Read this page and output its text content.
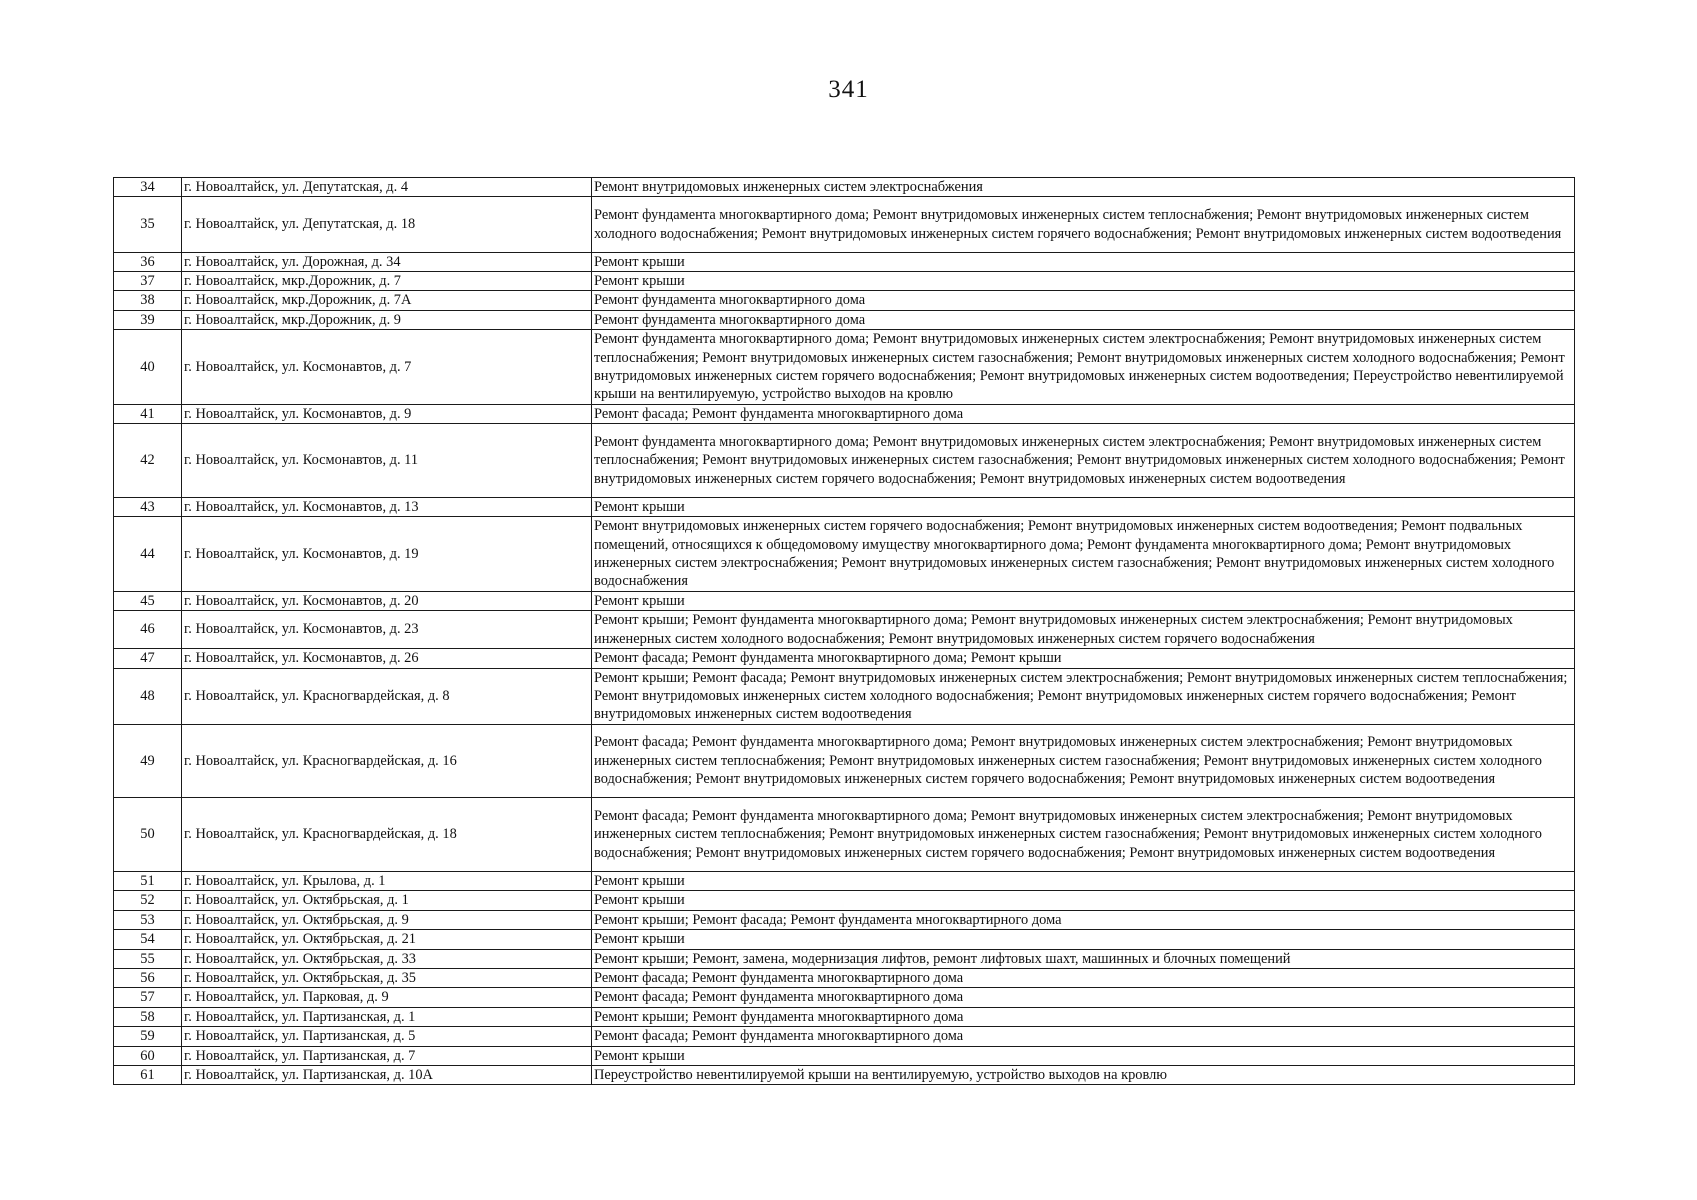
341
34	г. Новоалтайск, ул. Депутатская, д. 4	Ремонт внутридомовых инженерных систем электроснабжения
35	г. Новоалтайск, ул. Депутатская, д. 18	Ремонт фундамента многоквартирного дома; Ремонт внутридомовых инженерных систем теплоснабжения; Ремонт внутридомовых инженерных систем холодного водоснабжения; Ремонт внутридомовых инженерных систем горячего водоснабжения; Ремонт внутридомовых инженерных систем водоотведения
36	г. Новоалтайск, ул. Дорожная, д. 34	Ремонт крыши
37	г. Новоалтайск, мкр.Дорожник, д. 7	Ремонт крыши
38	г. Новоалтайск, мкр.Дорожник, д. 7А	Ремонт фундамента многоквартирного дома
39	г. Новоалтайск, мкр.Дорожник, д. 9	Ремонт фундамента многоквартирного дома
40	г. Новоалтайск, ул. Космонавтов, д. 7	Ремонт фундамента многоквартирного дома; Ремонт внутридомовых инженерных систем электроснабжения; Ремонт внутридомовых инженерных систем теплоснабжения; Ремонт внутридомовых инженерных систем газоснабжения; Ремонт внутридомовых инженерных систем холодного водоснабжения; Ремонт внутридомовых инженерных систем горячего водоснабжения; Ремонт внутридомовых инженерных систем водоотведения; Переустройство невентилируемой крыши на вентилируемую, устройство выходов на кровлю
41	г. Новоалтайск, ул. Космонавтов, д. 9	Ремонт фасада; Ремонт фундамента многоквартирного дома
42	г. Новоалтайск, ул. Космонавтов, д. 11	Ремонт фундамента многоквартирного дома; Ремонт внутридомовых инженерных систем электроснабжения; Ремонт внутридомовых инженерных систем теплоснабжения; Ремонт внутридомовых инженерных систем газоснабжения; Ремонт внутридомовых инженерных систем холодного водоснабжения; Ремонт внутридомовых инженерных систем горячего водоснабжения; Ремонт внутридомовых инженерных систем водоотведения
43	г. Новоалтайск, ул. Космонавтов, д. 13	Ремонт крыши
44	г. Новоалтайск, ул. Космонавтов, д. 19	Ремонт внутридомовых инженерных систем горячего водоснабжения; Ремонт внутридомовых инженерных систем водоотведения; Ремонт подвальных помещений, относящихся к общедомовому имуществу многоквартирного дома; Ремонт фундамента многоквартирного дома; Ремонт внутридомовых инженерных систем электроснабжения; Ремонт внутридомовых инженерных систем газоснабжения; Ремонт внутридомовых инженерных систем холодного водоснабжения
45	г. Новоалтайск, ул. Космонавтов, д. 20	Ремонт крыши
46	г. Новоалтайск, ул. Космонавтов, д. 23	Ремонт крыши; Ремонт фундамента многоквартирного дома; Ремонт внутридомовых инженерных систем электроснабжения; Ремонт внутридомовых инженерных систем холодного водоснабжения; Ремонт внутридомовых инженерных систем горячего водоснабжения
47	г. Новоалтайск, ул. Космонавтов, д. 26	Ремонт фасада; Ремонт фундамента многоквартирного дома; Ремонт крыши
48	г. Новоалтайск, ул. Красногвардейская, д. 8	Ремонт крыши; Ремонт фасада; Ремонт внутридомовых инженерных систем электроснабжения; Ремонт внутридомовых инженерных систем теплоснабжения; Ремонт внутридомовых инженерных систем холодного водоснабжения; Ремонт внутридомовых инженерных систем горячего водоснабжения; Ремонт внутридомовых инженерных систем водоотведения
49	г. Новоалтайск, ул. Красногвардейская, д. 16	Ремонт фасада; Ремонт фундамента многоквартирного дома; Ремонт внутридомовых инженерных систем электроснабжения; Ремонт внутридомовых инженерных систем теплоснабжения; Ремонт внутридомовых инженерных систем газоснабжения; Ремонт внутридомовых инженерных систем холодного водоснабжения; Ремонт внутридомовых инженерных систем горячего водоснабжения; Ремонт внутридомовых инженерных систем водоотведения
50	г. Новоалтайск, ул. Красногвардейская, д. 18	Ремонт фасада; Ремонт фундамента многоквартирного дома; Ремонт внутридомовых инженерных систем электроснабжения; Ремонт внутридомовых инженерных систем теплоснабжения; Ремонт внутридомовых инженерных систем газоснабжения; Ремонт внутридомовых инженерных систем холодного водоснабжения; Ремонт внутридомовых инженерных систем горячего водоснабжения; Ремонт внутридомовых инженерных систем водоотведения
51	г. Новоалтайск, ул. Крылова, д. 1	Ремонт крыши
52	г. Новоалтайск, ул. Октябрьская, д. 1	Ремонт крыши
53	г. Новоалтайск, ул. Октябрьская, д. 9	Ремонт крыши; Ремонт фасада; Ремонт фундамента многоквартирного дома
54	г. Новоалтайск, ул. Октябрьская, д. 21	Ремонт крыши
55	г. Новоалтайск, ул. Октябрьская, д. 33	Ремонт крыши; Ремонт, замена, модернизация лифтов, ремонт лифтовых шахт, машинных и блочных помещений
56	г. Новоалтайск, ул. Октябрьская, д. 35	Ремонт фасада; Ремонт фундамента многоквартирного дома
57	г. Новоалтайск, ул. Парковая, д. 9	Ремонт фасада; Ремонт фундамента многоквартирного дома
58	г. Новоалтайск, ул. Партизанская, д. 1	Ремонт крыши; Ремонт фундамента многоквартирного дома
59	г. Новоалтайск, ул. Партизанская, д. 5	Ремонт фасада; Ремонт фундамента многоквартирного дома
60	г. Новоалтайск, ул. Партизанская, д. 7	Ремонт крыши
61	г. Новоалтайск, ул. Партизанская, д. 10А	Переустройство невентилируемой крыши на вентилируемую, устройство выходов на кровлю
